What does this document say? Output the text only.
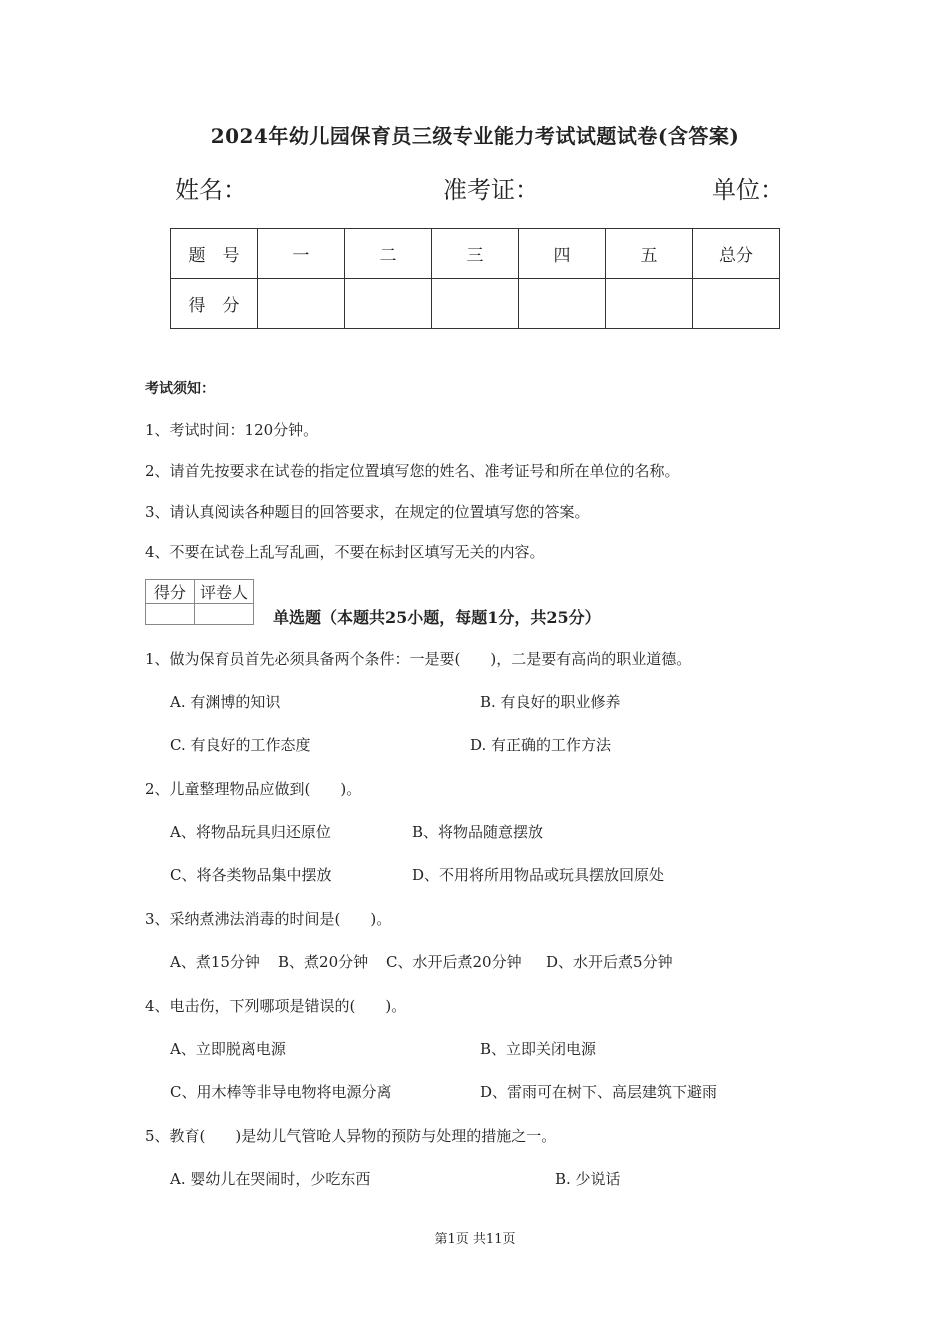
2024年幼儿园保育员三级专业能力考试试题试卷(含答案)
姓名：	准考证：	单位：
题　号	一	二	三	四	五	总分
得　分						
考试须知：
1、考试时间：120分钟。
2、请首先按要求在试卷的指定位置填写您的姓名、准考证号和所在单位的名称。
3、请认真阅读各种题目的回答要求，在规定的位置填写您的答案。
4、不要在试卷上乱写乱画，不要在标封区填写无关的内容。
得分	评卷人

单选题（本题共25小题，每题1分，共25分）
1、做为保育员首先必须具备两个条件：一是要(　　)，二是要有高尚的职业道德。
A. 有渊博的知识	B. 有良好的职业修养
C. 有良好的工作态度	D. 有正确的工作方法
2、儿童整理物品应做到(　　)。
A、将物品玩具归还原位	B、将物品随意摆放
C、将各类物品集中摆放	D、不用将所用物品或玩具摆放回原处
3、采纳煮沸法消毒的时间是(　　)。
A、煮15分钟 B、煮20分钟 C、水开后煮20分钟 D、水开后煮5分钟
4、电击伤，下列哪项是错误的(　　)。
A、立即脱离电源	B、立即关闭电源
C、用木棒等非导电物将电源分离	D、雷雨可在树下、高层建筑下避雨
5、教育(　　)是幼儿气管呛人异物的预防与处理的措施之一。
A. 婴幼儿在哭闹时，少吃东西	B. 少说话
第1页 共11页
